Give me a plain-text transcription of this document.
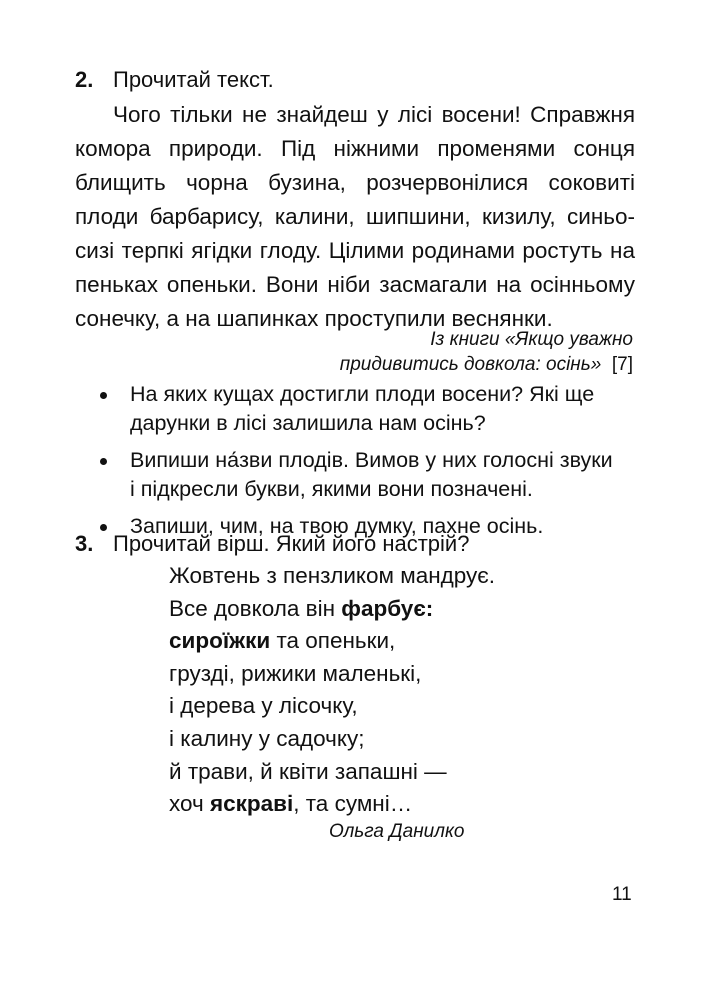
2. Прочитай текст.
Чого тільки не знайдеш у лісі восени! Справжня
комора природи. Під ніжними променями сонця
блищить чорна бузина, розчервонілися соковиті
плоди барбарису, калини, шипшини, кизилу, синьо-
сизі терпкі ягідки глоду. Цілими родинами ростуть на
пеньках опеньки. Вони ніби засмагали на осінньому
сонечку, а на шапинках проступили веснянки.
Із книги «Якщо уважно
придивитись довкола: осінь» [7]
На яких кущах достигли плоди восени? Які ще
дарунки в лісі залишила нам осінь?
Випиши на́зви плодів. Вимов у них голосні звуки
і підкресли букви, якими вони позначені.
Запиши, чим, на твою думку, пахне осінь.
3. Прочитай вірш. Який його настрій?
Жовтень з пензликом мандрує.
Все довкола він фарбує:
сироїжки та опеньки,
грузді, рижики маленькі,
і дерева у лісочку,
і калину у садочку;
й трави, й квіти запашні —
хоч яскраві, та сумні…
Ольга Данилко
11
